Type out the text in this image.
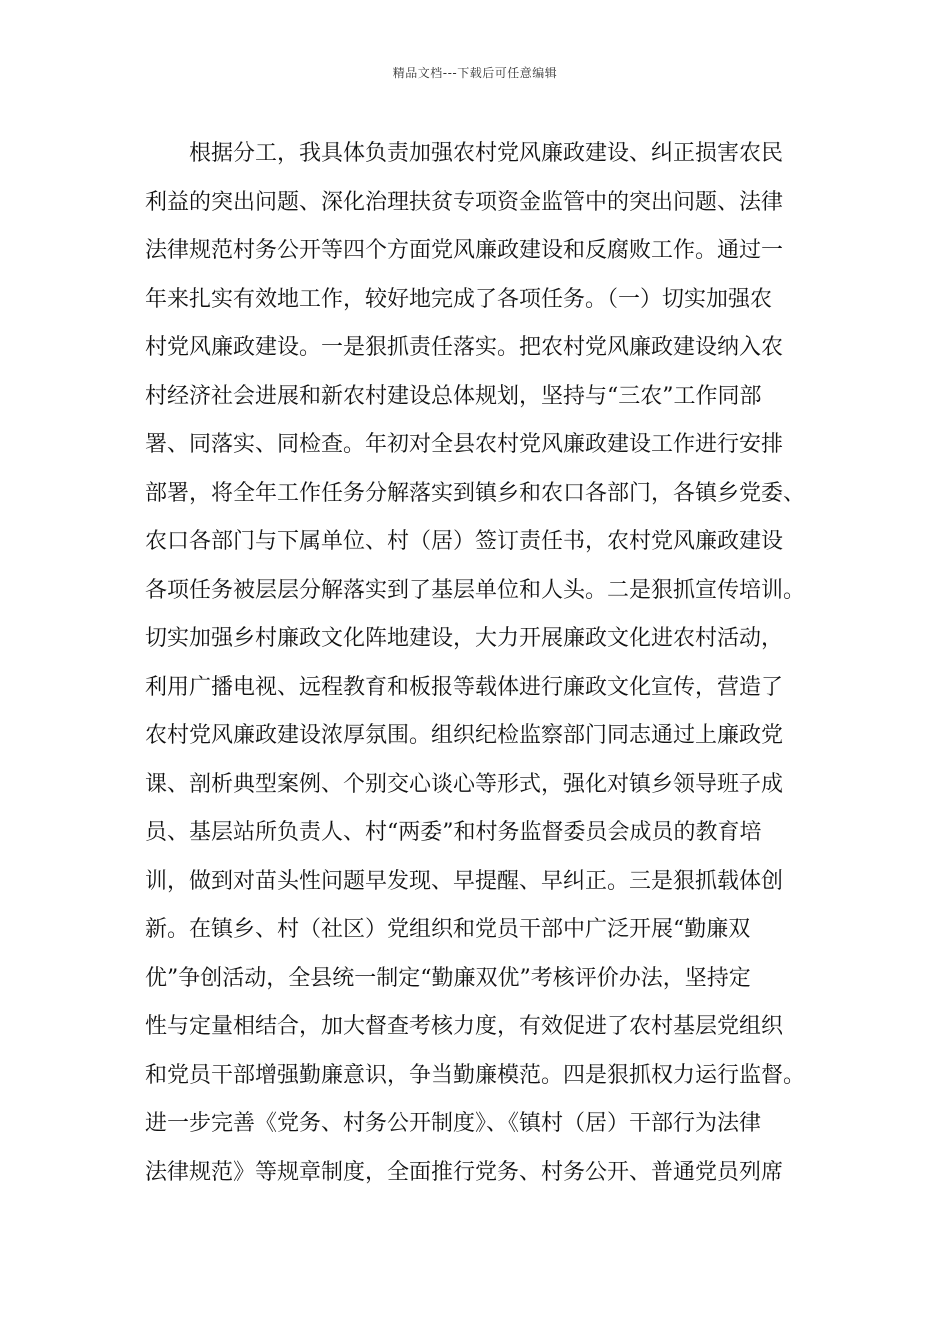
精品文档---下载后可任意编辑
　　根据分工，我具体负责加强农村党风廉政建设、纠正损害农民
利益的突出问题、深化治理扶贫专项资金监管中的突出问题、法律
法律规范村务公开等四个方面党风廉政建设和反腐败工作。通过一
年来扎实有效地工作，较好地完成了各项任务。（一）切实加强农
村党风廉政建设。一是狠抓责任落实。把农村党风廉政建设纳入农
村经济社会进展和新农村建设总体规划，坚持与“三农”工作同部
署、同落实、同检查。年初对全县农村党风廉政建设工作进行安排
部署，将全年工作任务分解落实到镇乡和农口各部门，各镇乡党委、
农口各部门与下属单位、村（居）签订责任书，农村党风廉政建设
各项任务被层层分解落实到了基层单位和人头。二是狠抓宣传培训。
切实加强乡村廉政文化阵地建设，大力开展廉政文化进农村活动，
利用广播电视、远程教育和板报等载体进行廉政文化宣传，营造了
农村党风廉政建设浓厚氛围。组织纪检监察部门同志通过上廉政党
课、剖析典型案例、个别交心谈心等形式，强化对镇乡领导班子成
员、基层站所负责人、村“两委”和村务监督委员会成员的教育培
训，做到对苗头性问题早发现、早提醒、早纠正。三是狠抓载体创
新。在镇乡、村（社区）党组织和党员干部中广泛开展“勤廉双
优”争创活动，全县统一制定“勤廉双优”考核评价办法，坚持定
性与定量相结合，加大督查考核力度，有效促进了农村基层党组织
和党员干部增强勤廉意识，争当勤廉模范。四是狠抓权力运行监督。
进一步完善《党务、村务公开制度》、《镇村（居）干部行为法律
法律规范》等规章制度，全面推行党务、村务公开、普通党员列席
